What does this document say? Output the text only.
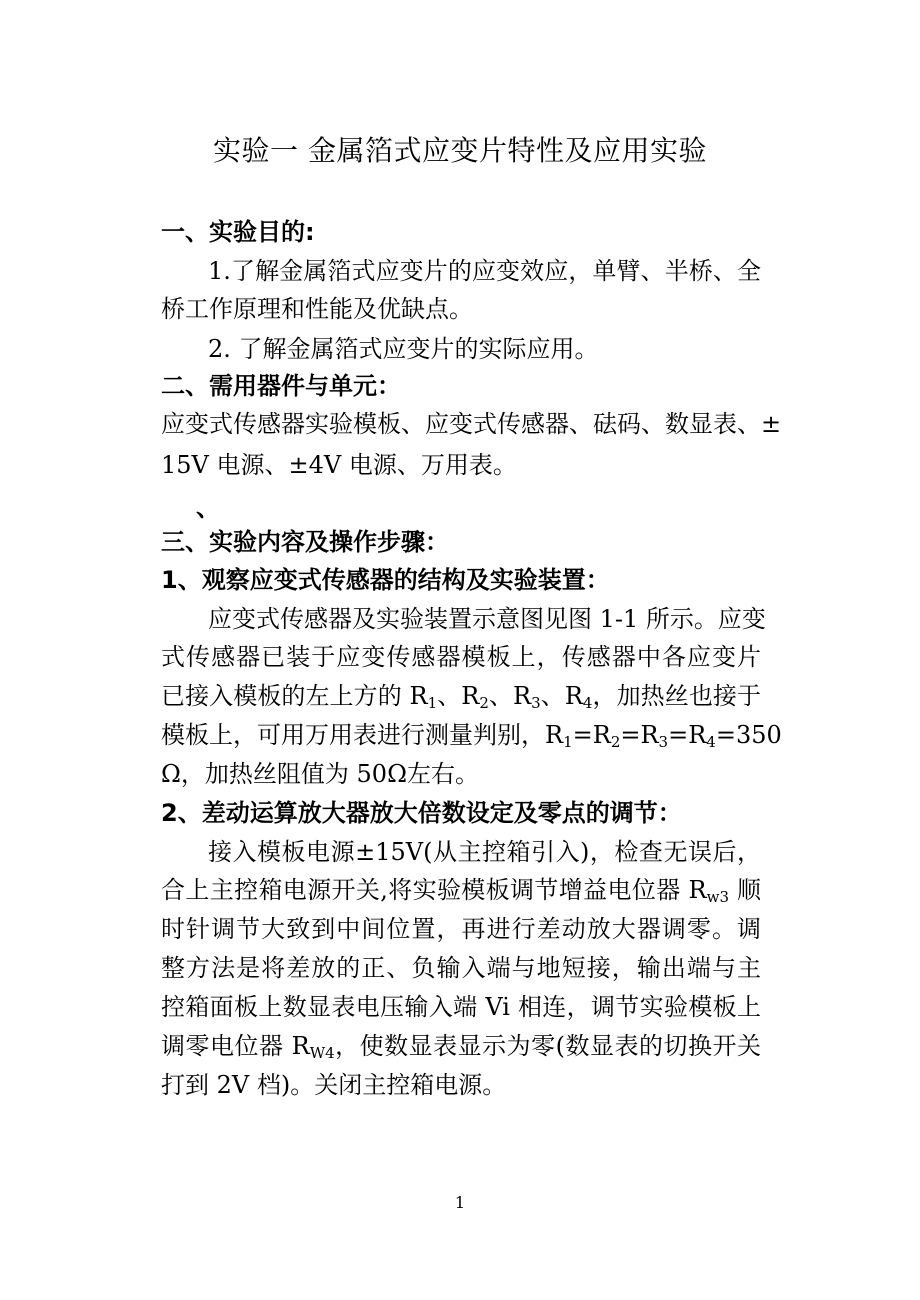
实验一 金属箔式应变片特性及应用实验
一、实验目的:
1.了解金属箔式应变片的应变效应，单臂、半桥、全
桥工作原理和性能及优缺点。
2. 了解金属箔式应变片的实际应用。
二、需用器件与单元：
应变式传感器实验模板、应变式传感器、砝码、数显表、±
15V 电源、±4V 电源、万用表。
、
三、实验内容及操作步骤：
1、观察应变式传感器的结构及实验装置：
应变式传感器及实验装置示意图见图 1-1 所示。应变
式传感器已装于应变传感器模板上，传感器中各应变片
已接入模板的左上方的 $R_1$、$R_2$、$R_3$、$R_4$，加热丝也接于
模板上，可用万用表进行测量判别，$R_1=R_2=R_3=R_4=350$
Ω，加热丝阻值为 50Ω左右。
2、差动运算放大器放大倍数设定及零点的调节：
接入模板电源±15V(从主控箱引入)，检查无误后，
合上主控箱电源开关,将实验模板调节增益电位器 $R_{w3}$ 顺
时针调节大致到中间位置，再进行差动放大器调零。调
整方法是将差放的正、负输入端与地短接，输出端与主
控箱面板上数显表电压输入端 Vi 相连，调节实验模板上
调零电位器 $R_{W4}$，使数显表显示为零(数显表的切换开关
打到 2V 档)。关闭主控箱电源。
1
